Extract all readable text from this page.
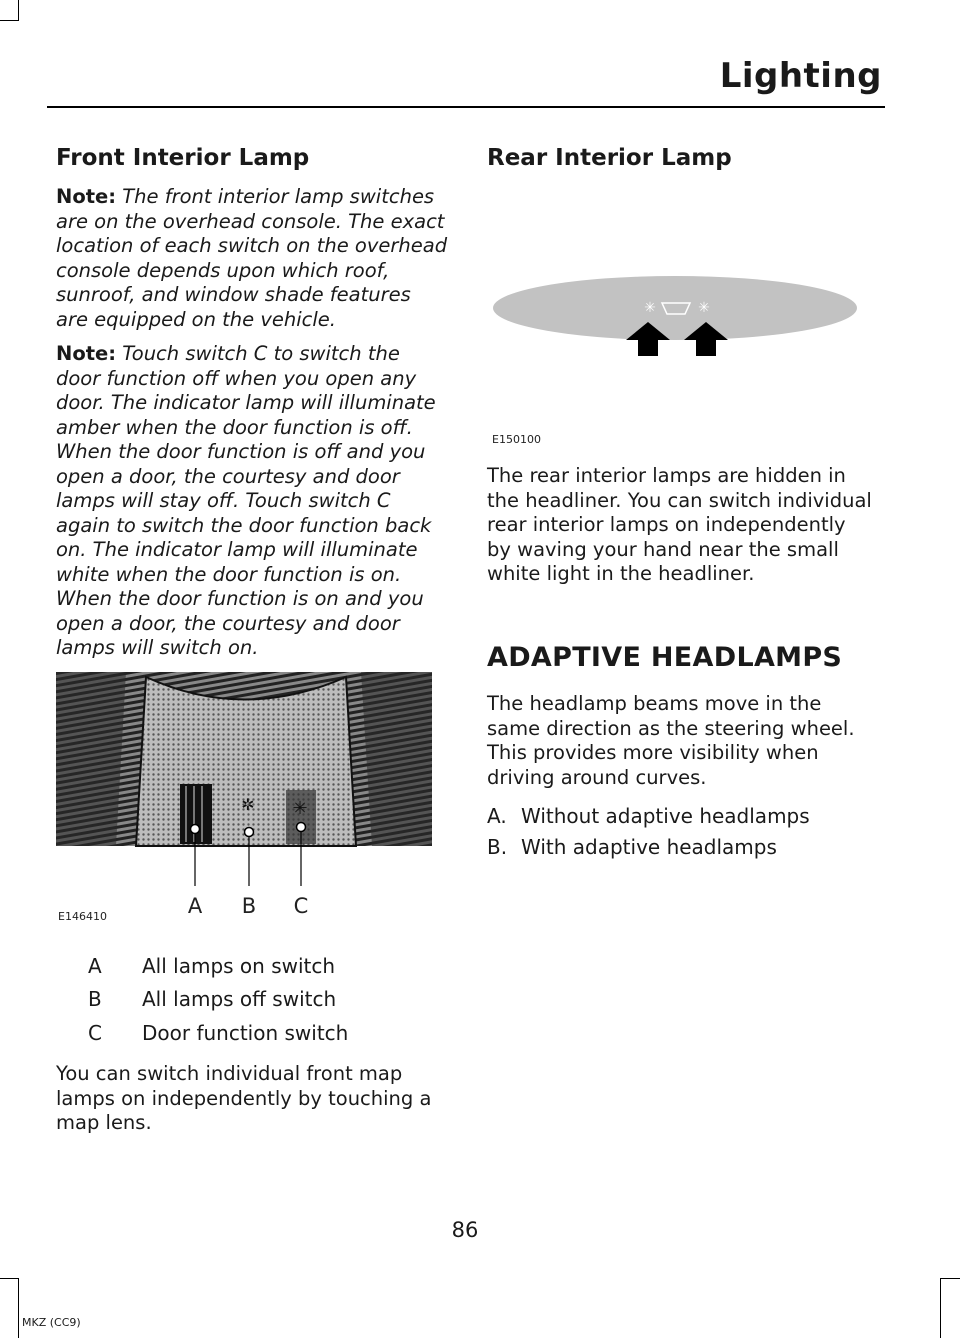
Lighting
Front Interior Lamp

Note: The front interior lamp switches are on the overhead console. The exact location of each switch on the overhead console depends upon which roof, sunroof, and window shade features are equipped on the vehicle.

Note: Touch switch C to switch the door function off when you open any door. The indicator lamp will illuminate amber when the door function is off. When the door function is off and you open a door, the courtesy and door lamps will stay off. Touch switch C again to switch the door function back on. The indicator lamp will illuminate white when the door function is on. When the door function is on and you open a door, the courtesy and door lamps will switch on.

✲ ✳
A B C
E146410
A	All lamps on switch
B	All lamps off switch
C	Door function switch

You can switch individual front map lamps on independently by touching a map lens.

Rear Interior Lamp
✳	✳
E150100

The rear interior lamps are hidden in the headliner. You can switch individual rear interior lamps on independently by waving your hand near the small white light in the headliner.

ADAPTIVE HEADLAMPS

The headlamp beams move in the same direction as the steering wheel. This provides more visibility when driving around curves.

A. Without adaptive headlamps
B. With adaptive headlamps
86
MKZ (CC9)
